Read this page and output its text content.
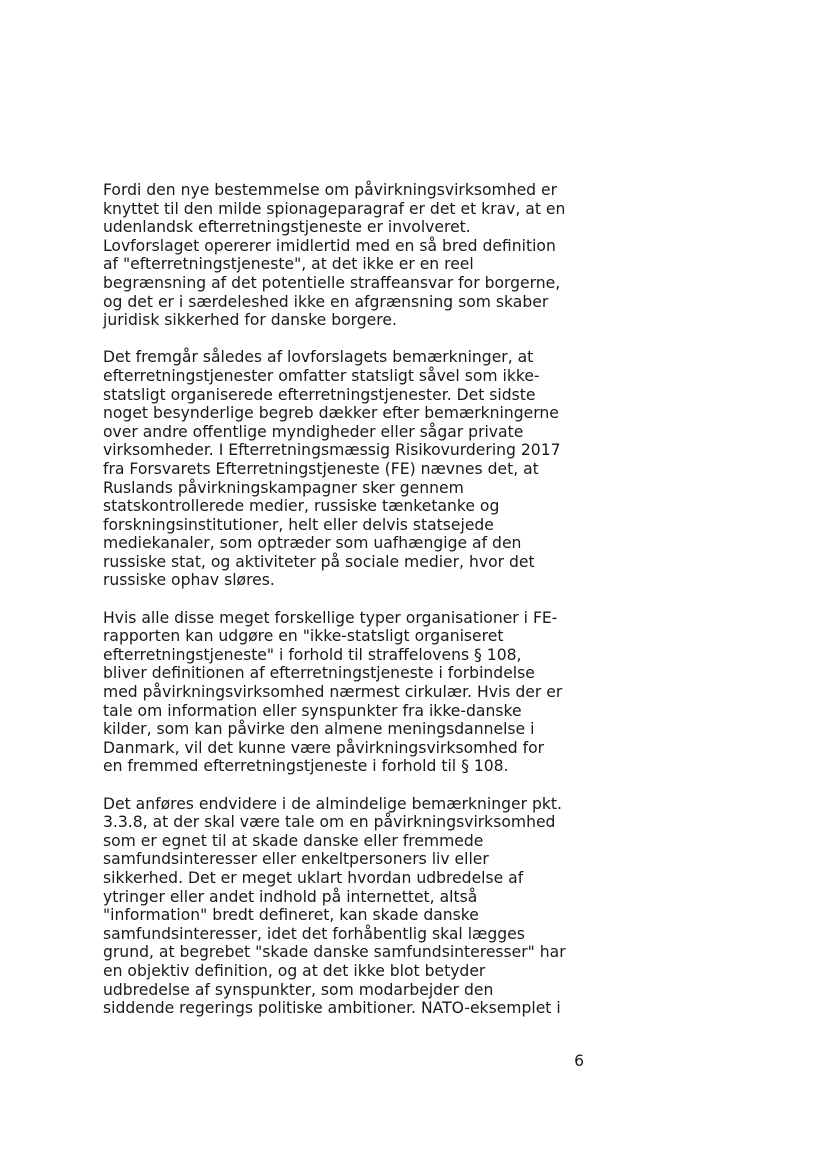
Fordi den nye bestemmelse om påvirkningsvirksomhed er
knyttet til den milde spionageparagraf er det et krav, at en
udenlandsk efterretningstjeneste er involveret.
Lovforslaget opererer imidlertid med en så bred definition
af "efterretningstjeneste", at det ikke er en reel
begrænsning af det potentielle straffeansvar for borgerne,
og det er i særdeleshed ikke en afgrænsning som skaber
juridisk sikkerhed for danske borgere.

Det fremgår således af lovforslagets bemærkninger, at
efterretningstjenester omfatter statsligt såvel som ikke-
statsligt organiserede efterretningstjenester. Det sidste
noget besynderlige begreb dækker efter bemærkningerne
over andre offentlige myndigheder eller sågar private
virksomheder. I Efterretningsmæssig Risikovurdering 2017
fra Forsvarets Efterretningstjeneste (FE) nævnes det, at
Ruslands påvirkningskampagner sker gennem
statskontrollerede medier, russiske tænketanke og
forskningsinstitutioner, helt eller delvis statsejede
mediekanaler, som optræder som uafhængige af den
russiske stat, og aktiviteter på sociale medier, hvor det
russiske ophav sløres.

Hvis alle disse meget forskellige typer organisationer i FE-
rapporten kan udgøre en "ikke-statsligt organiseret
efterretningstjeneste" i forhold til straffelovens § 108,
bliver definitionen af efterretningstjeneste i forbindelse
med påvirkningsvirksomhed nærmest cirkulær. Hvis der er
tale om information eller synspunkter fra ikke-danske
kilder, som kan påvirke den almene meningsdannelse i
Danmark, vil det kunne være påvirkningsvirksomhed for
en fremmed efterretningstjeneste i forhold til § 108.

Det anføres endvidere i de almindelige bemærkninger pkt.
3.3.8, at der skal være tale om en påvirkningsvirksomhed
som er egnet til at skade danske eller fremmede
samfundsinteresser eller enkeltpersoners liv eller
sikkerhed. Det er meget uklart hvordan udbredelse af
ytringer eller andet indhold på internettet, altså
"information" bredt defineret, kan skade danske
samfundsinteresser, idet det forhåbentlig skal lægges
grund, at begrebet "skade danske samfundsinteresser" har
en objektiv definition, og at det ikke blot betyder
udbredelse af synspunkter, som modarbejder den
siddende regerings politiske ambitioner. NATO-eksemplet i

6
